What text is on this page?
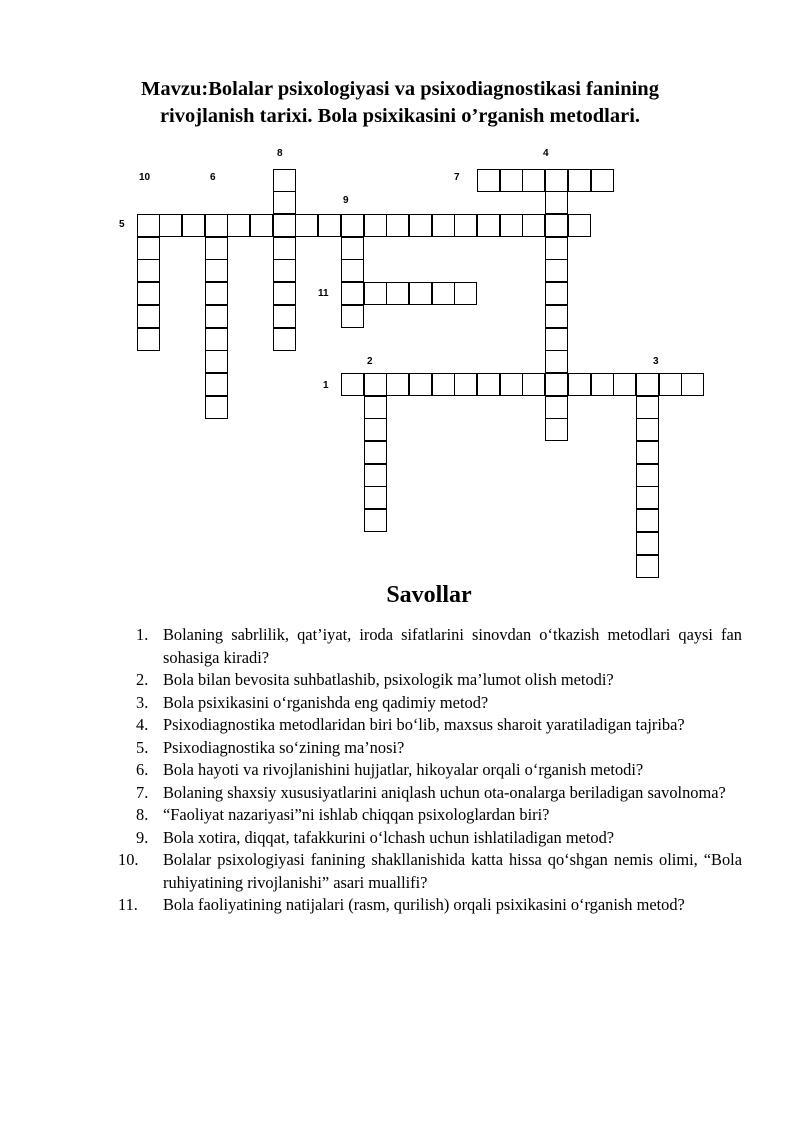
Mavzu:Bolalar psixologiyasi va psixodiagnostikasi fanining
rivojlanish tarixi. Bola psixikasini o’rganish metodlari.
1
2	3
4
5
6	7
8
9
10
11
Savollar
1. Bolaning sabrlilik, qat’iyat, iroda sifatlarini sinovdan o‘tkazish metodlari qaysi fan sohasiga kiradi?
2. Bola bilan bevosita suhbatlashib, psixologik ma’lumot olish metodi?
3. Bola psixikasini o‘rganishda eng qadimiy metod?
4. Psixodiagnostika metodlaridan biri bo‘lib, maxsus sharoit yaratiladigan tajriba?
5. Psixodiagnostika so‘zining ma’nosi?
6. Bola hayoti va rivojlanishini hujjatlar, hikoyalar orqali o‘rganish metodi?
7. Bolaning shaxsiy xususiyatlarini aniqlash uchun ota-onalarga beriladigan savolnoma?
8. “Faoliyat nazariyasi”ni ishlab chiqqan psixologlardan biri?
9. Bola xotira, diqqat, tafakkurini o‘lchash uchun ishlatiladigan metod?
10.	Bolalar psixologiyasi fanining shakllanishida katta hissa qo‘shgan nemis olimi, “Bola ruhiyatining rivojlanishi” asari muallifi?
11.	Bola faoliyatining natijalari (rasm, qurilish) orqali psixikasini o‘rganish metod?
